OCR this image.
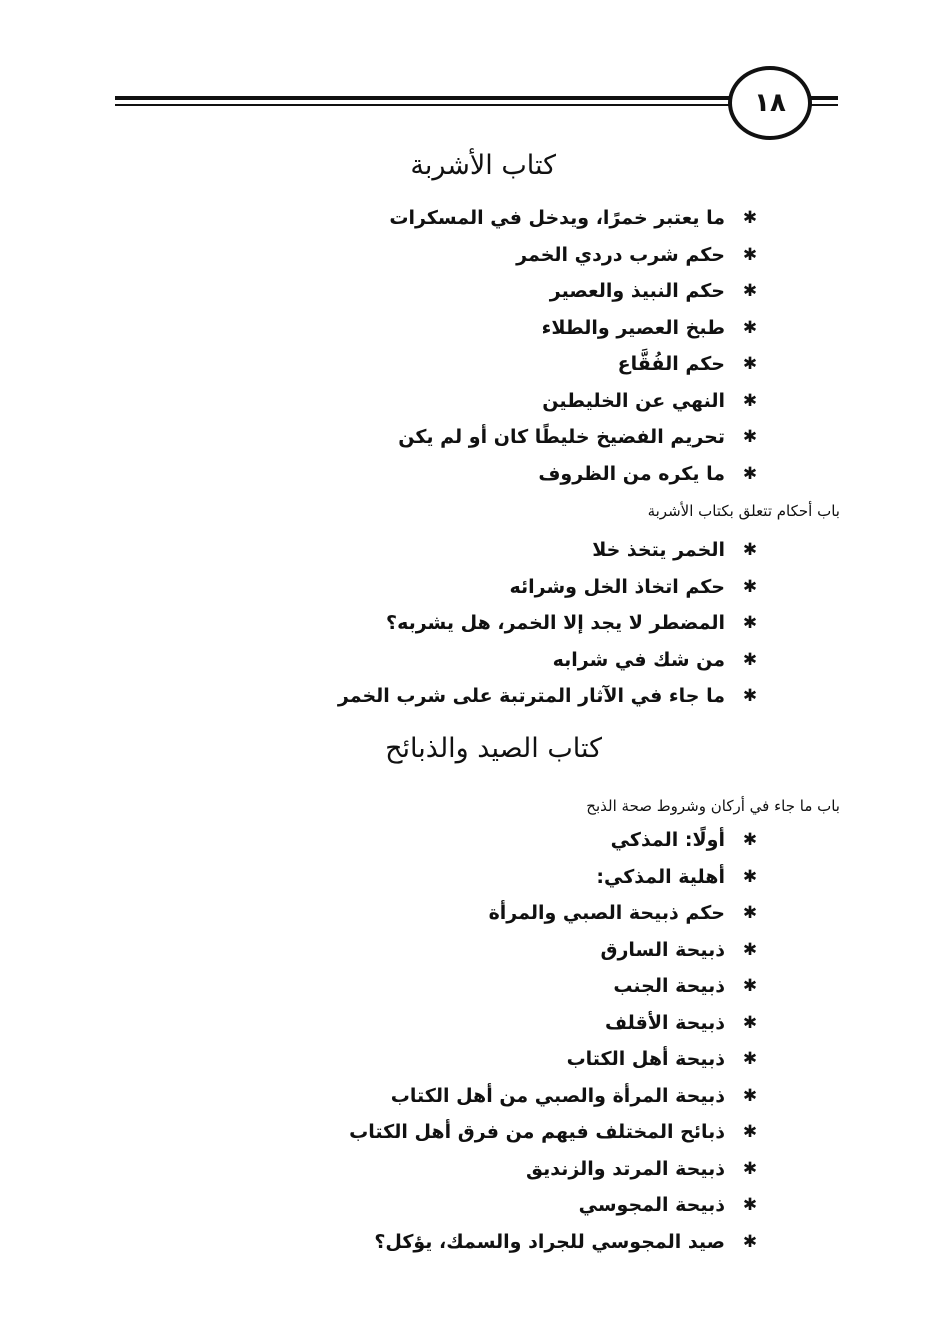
١٨
كتاب الأشربة
✱
ما يعتبر خمرًا، ويدخل في المسكرات
✱
حكم شرب دردي الخمر
✱
حكم النبيذ والعصير
✱
طبخ العصير والطلاء
✱
حكم الفُقَّاع
✱
النهي عن الخليطين
✱
تحريم الفضيخ خليطًا كان أو لم يكن
✱
ما يكره من الظروف
باب أحكام تتعلق بكتاب الأشربة
✱
الخمر يتخذ خلا
✱
حكم اتخاذ الخل وشرائه
✱
المضطر لا يجد إلا الخمر، هل يشربه؟
✱
من شك في شرابه
✱
ما جاء في الآثار المترتبة على شرب الخمر
كتاب الصيد والذبائح
باب ما جاء في أركان وشروط صحة الذبح
✱
أولًا: المذكي
✱
أهلية المذكي:
✱
حكم ذبيحة الصبي والمرأة
✱
ذبيحة السارق
✱
ذبيحة الجنب
✱
ذبيحة الأقلف
✱
ذبيحة أهل الكتاب
✱
ذبيحة المرأة والصبي من أهل الكتاب
✱
ذبائح المختلف فيهم من فرق أهل الكتاب
✱
ذبيحة المرتد والزنديق
✱
ذبيحة المجوسي
✱
صيد المجوسي للجراد والسمك، يؤكل؟
